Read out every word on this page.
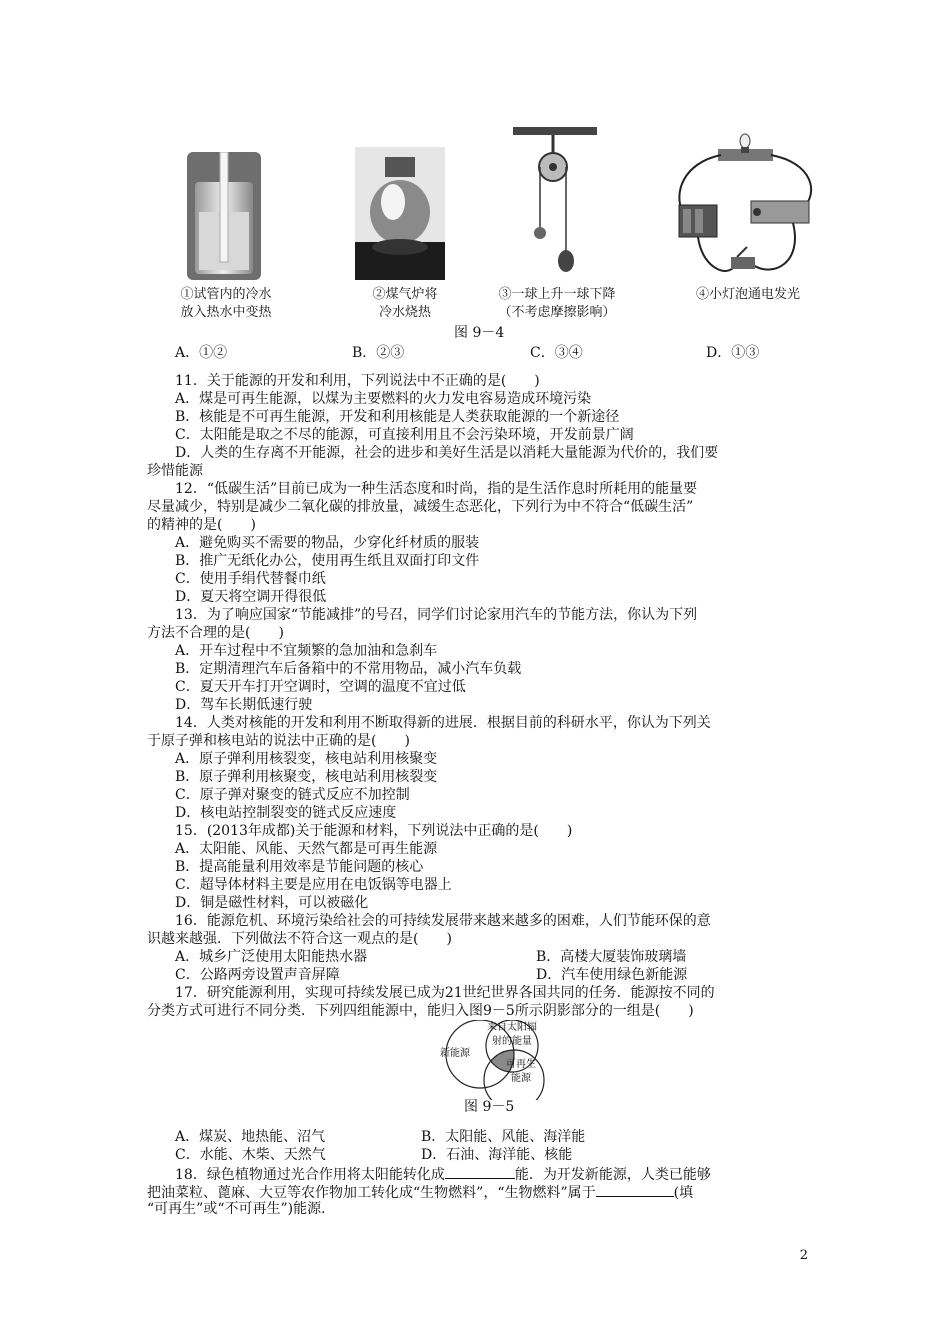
①试管内的冷水
放入热水中变热
②煤气炉将
冷水烧热
③一球上升一球下降
（不考虑摩擦影响）
④小灯泡通电发光
图 9－4
A．①②	B．②③	C．③④	D．①③
11．关于能源的开发和利用，下列说法中不正确的是(　　)
A．煤是可再生能源，以煤为主要燃料的火力发电容易造成环境污染
B．核能是不可再生能源，开发和利用核能是人类获取能源的一个新途径
C．太阳能是取之不尽的能源，可直接利用且不会污染环境，开发前景广阔
D．人类的生存离不开能源，社会的进步和美好生活是以消耗大量能源为代价的，我们要
珍惜能源
12．“低碳生活”目前已成为一种生活态度和时尚，指的是生活作息时所耗用的能量要
尽量减少，特别是减少二氧化碳的排放量，减缓生态恶化，下列行为中不符合“低碳生活”
的精神的是(　　)
A．避免购买不需要的物品，少穿化纤材质的服装
B．推广无纸化办公，使用再生纸且双面打印文件
C．使用手绢代替餐巾纸
D．夏天将空调开得很低
13．为了响应国家“节能减排”的号召，同学们讨论家用汽车的节能方法，你认为下列
方法不合理的是(　　)
A．开车过程中不宜频繁的急加油和急刹车
B．定期清理汽车后备箱中的不常用物品，减小汽车负载
C．夏天开车打开空调时，空调的温度不宜过低
D．驾车长期低速行驶
14．人类对核能的开发和利用不断取得新的进展．根据目前的科研水平，你认为下列关
于原子弹和核电站的说法中正确的是(　　)
A．原子弹利用核裂变，核电站利用核聚变
B．原子弹利用核聚变，核电站利用核裂变
C．原子弹对聚变的链式反应不加控制
D．核电站控制裂变的链式反应速度
15．(2013年成都)关于能源和材料，下列说法中正确的是(　　)
A．太阳能、风能、天然气都是可再生能源
B．提高能量利用效率是节能问题的核心
C．超导体材料主要是应用在电饭锅等电器上
D．铜是磁性材料，可以被磁化
16．能源危机、环境污染给社会的可持续发展带来越来越多的困难，人们节能环保的意
识越来越强．下列做法不符合这一观点的是(　　)
A．城乡广泛使用太阳能热水器	B．高楼大厦装饰玻璃墙
C．公路两旁设置声音屏障	D．汽车使用绿色新能源
17．研究能源利用，实现可持续发展已成为21世纪世界各国共同的任务．能源按不同的
分类方式可进行不同分类．下列四组能源中，能归入图9－5所示阴影部分的一组是(　　)
来自太阳辐
射的能量
新能源
可再生
能源
图 9－5
A．煤炭、地热能、沼气	B．太阳能、风能、海洋能
C．水能、木柴、天然气	D．石油、海洋能、核能
18．绿色植物通过光合作用将太阳能转化成	能．为开发新能源，人类已能够
把油菜粒、蓖麻、大豆等农作物加工转化成“生物燃料”，“生物燃料”属于	(填
“可再生”或“不可再生”)能源．
2
